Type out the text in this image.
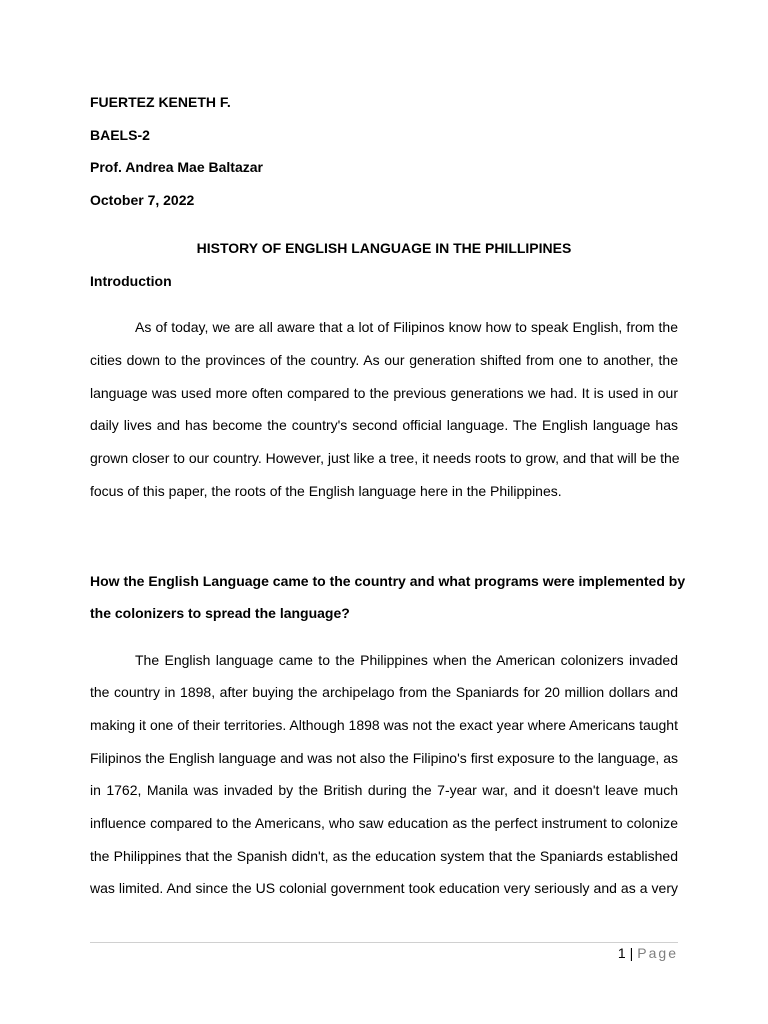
FUERTEZ KENETH F.
BAELS-2
Prof. Andrea Mae Baltazar
October 7, 2022
HISTORY OF ENGLISH LANGUAGE IN THE PHILLIPINES
Introduction
As of today, we are all aware that a lot of Filipinos know how to speak English, from the
cities down to the provinces of the country. As our generation shifted from one to another, the
language was used more often compared to the previous generations we had. It is used in our
daily lives and has become the country's second official language. The English language has
grown closer to our country. However, just like a tree, it needs roots to grow, and that will be the
focus of this paper, the roots of the English language here in the Philippines.
How the English Language came to the country and what programs were implemented by
the colonizers to spread the language?
The English language came to the Philippines when the American colonizers invaded
the country in 1898, after buying the archipelago from the Spaniards for 20 million dollars and
making it one of their territories. Although 1898 was not the exact year where Americans taught
Filipinos the English language and was not also the Filipino's first exposure to the language, as
in 1762, Manila was invaded by the British during the 7-year war, and it doesn't leave much
influence compared to the Americans, who saw education as the perfect instrument to colonize
the Philippines that the Spanish didn't, as the education system that the Spaniards established
was limited. And since the US colonial government took education very seriously and as a very
1 | Page
